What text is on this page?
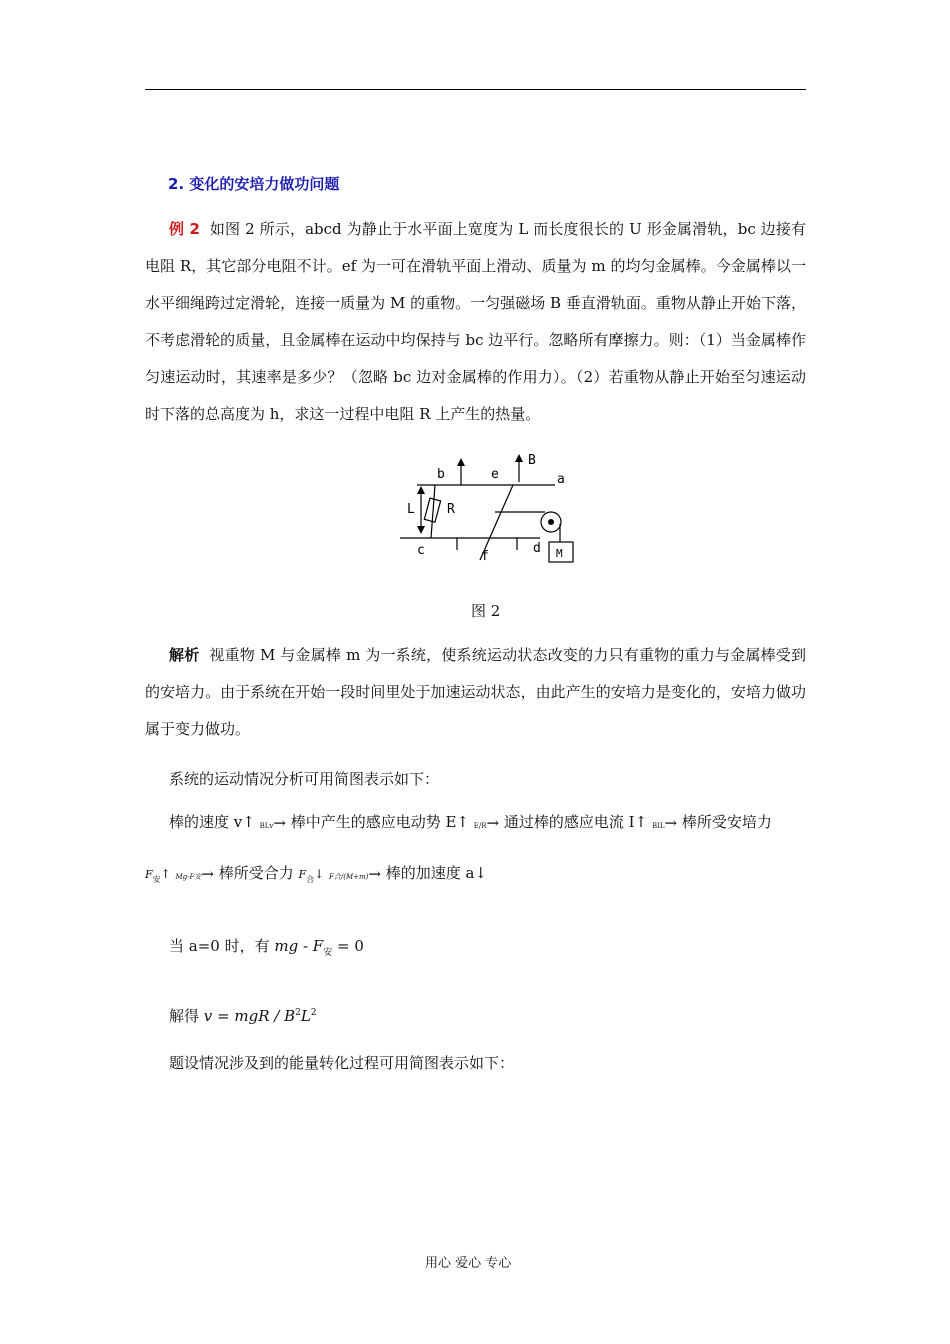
2. 变化的安培力做功问题
例 2 如图 2 所示，abcd 为静止于水平面上宽度为 L 而长度很长的 U 形金属滑轨，bc 边接有电阻 R，其它部分电阻不计。ef 为一可在滑轨平面上滑动、质量为 m 的均匀金属棒。今金属棒以一水平细绳跨过定滑轮，连接一质量为 M 的重物。一匀强磁场 B 垂直滑轨面。重物从静止开始下落，不考虑滑轮的质量，且金属棒在运动中均保持与 bc 边平行。忽略所有摩擦力。则：（1）当金属棒作匀速运动时，其速率是多少？（忽略 bc 边对金属棒的作用力）。（2）若重物从静止开始至匀速运动时下落的总高度为 h，求这一过程中电阻 R 上产生的热量。
b	e
B
a
L R
c	f
d M
图 2
解析 视重物 M 与金属棒 m 为一系统，使系统运动状态改变的力只有重物的重力与金属棒受到的安培力。由于系统在开始一段时间里处于加速运动状态，由此产生的安培力是变化的，安培力做功属于变力做功。
系统的运动情况分析可用简图表示如下：
棒的速度 v↑ BLv→ 棒中产生的感应电动势 E↑ E/R→ 通过棒的感应电流 I↑ BIL→ 棒所受安培力
$F_安↑$ Mg-F安→ 棒所受合力 $F_合↓$ F合/(M+m)→ 棒的加速度 a↓
当 a=0 时，有 mg - $F_安 = 0$
解得 v = mgR / $B^2L^2$
题设情况涉及到的能量转化过程可用简图表示如下：
用心 爱心 专心
